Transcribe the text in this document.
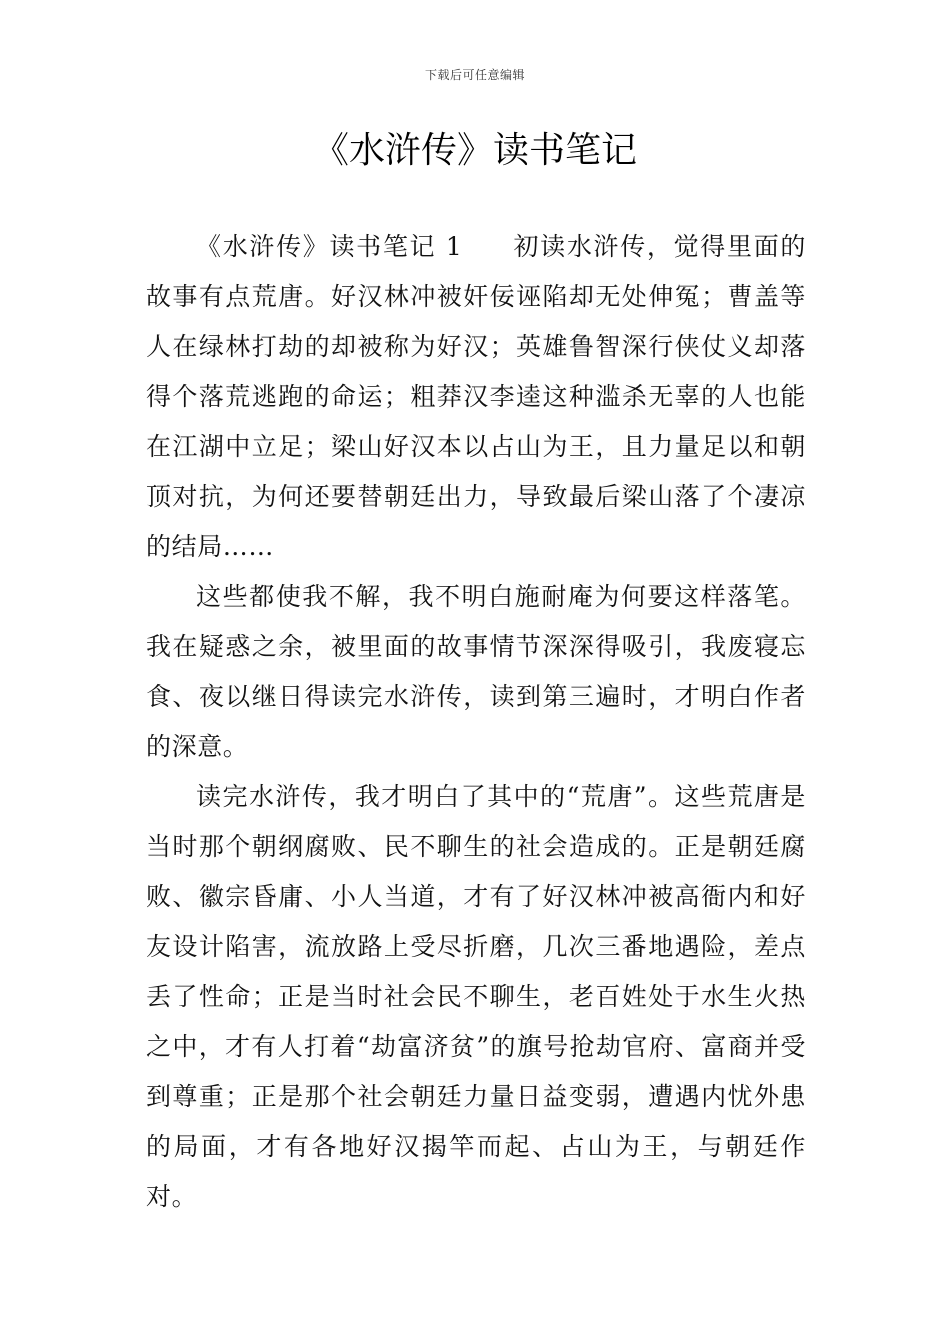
下载后可任意编辑
《水浒传》读书笔记

《水浒传》读书笔记 1 初读水浒传，觉得里面的故事有点荒唐。好汉林冲被奸佞诬陷却无处伸冤；曹盖等人在绿林打劫的却被称为好汉；英雄鲁智深行侠仗义却落得个落荒逃跑的命运；粗莽汉李逵这种滥杀无辜的人也能在江湖中立足；梁山好汉本以占山为王，且力量足以和朝顶对抗，为何还要替朝廷出力，导致最后梁山落了个凄凉的结局……

这些都使我不解，我不明白施耐庵为何要这样落笔。我在疑惑之余，被里面的故事情节深深得吸引，我废寝忘食、夜以继日得读完水浒传，读到第三遍时，才明白作者的深意。

读完水浒传，我才明白了其中的“荒唐”。这些荒唐是当时那个朝纲腐败、民不聊生的社会造成的。正是朝廷腐败、徽宗昏庸、小人当道，才有了好汉林冲被高衙内和好友设计陷害，流放路上受尽折磨，几次三番地遇险，差点丢了性命；正是当时社会民不聊生，老百姓处于水生火热之中，才有人打着“劫富济贫”的旗号抢劫官府、富商并受到尊重；正是那个社会朝廷力量日益变弱，遭遇内忧外患的局面，才有各地好汉揭竿而起、占山为王，与朝廷作对。
